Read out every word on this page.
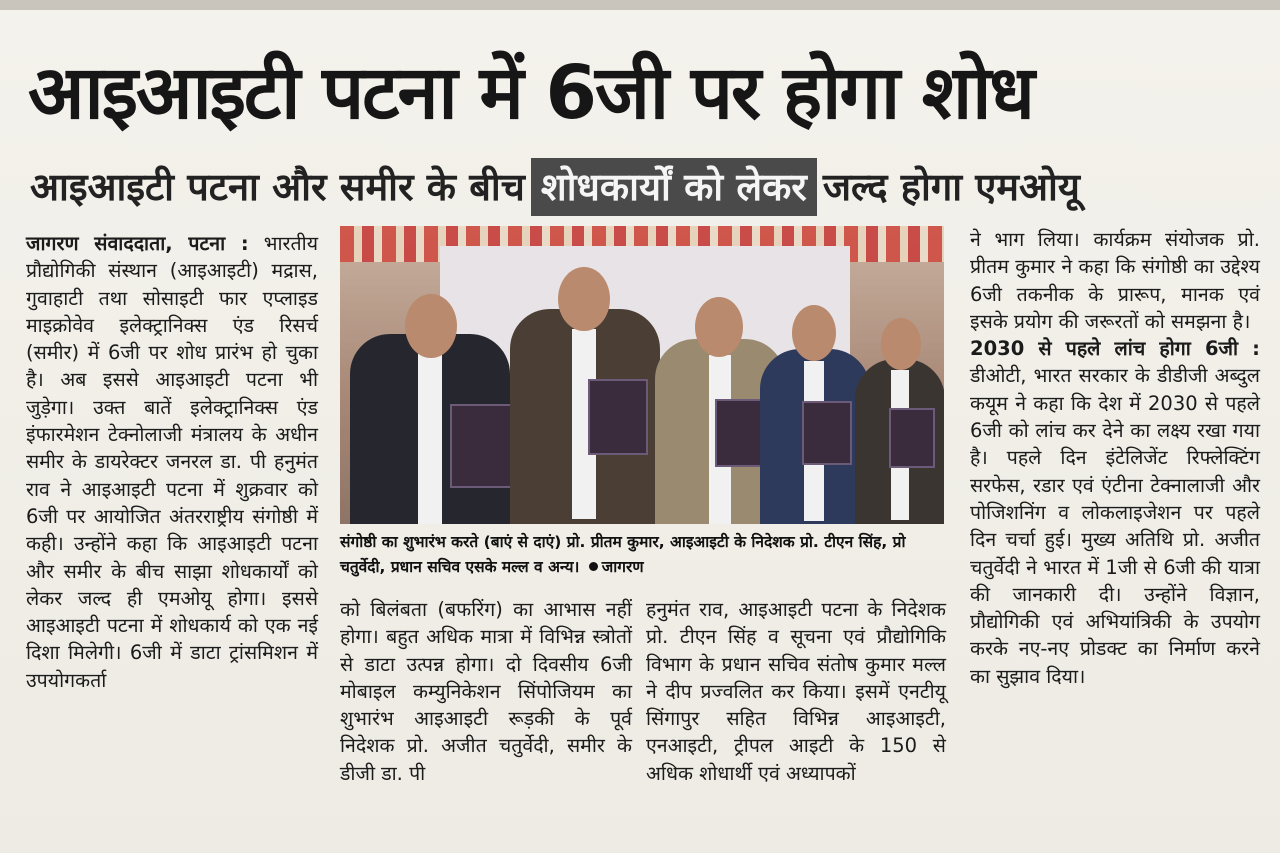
आइआइटी पटना में 6जी पर होगा शोध
आइआइटी पटना और समीर के बीच शोधकार्यों को लेकर जल्द होगा एमओयू

जागरण संवाददाता, पटना : भारतीय प्रौद्योगिकी संस्थान (आइआइटी) मद्रास, गुवाहाटी तथा सोसाइटी फार एप्लाइड माइक्रोवेव इलेक्ट्रानिक्स एंड रिसर्च (समीर) में 6जी पर शोध प्रारंभ हो चुका है। अब इससे आइआइटी पटना भी जुड़ेगा। उक्त बातें इलेक्ट्रानिक्स एंड इंफारमेशन टेक्नोलाजी मंत्रालय के अधीन समीर के डायरेक्टर जनरल डा. पी हनुमंत राव ने आइआइटी पटना में शुक्रवार को 6जी पर आयोजित अंतरराष्ट्रीय संगोष्ठी में कही। उन्होंने कहा कि आइआइटी पटना और समीर के बीच साझा शोधकार्यों को लेकर जल्द ही एमओयू होगा। इससे आइआइटी पटना में शोधकार्य को एक नई दिशा मिलेगी। 6जी में डाटा ट्रांसमिशन में उपयोगकर्ता

संगोष्ठी का शुभारंभ करते (बाएं से दाएं) प्रो. प्रीतम कुमार, आइआइटी के निदेशक प्रो. टीएन सिंह, प्रो चतुर्वेदी, प्रधान सचिव एसके मल्ल व अन्य। जागरण

को बिलंबता (बफरिंग) का आभास नहीं होगा। बहुत अधिक मात्रा में विभिन्न स्त्रोतों से डाटा उत्पन्न होगा। दो दिवसीय 6जी मोबाइल कम्युनिकेशन सिंपोजियम का शुभारंभ आइआइटी रूड़की के पूर्व निदेशक प्रो. अजीत चतुर्वेदी, समीर के डीजी डा. पी

हनुमंत राव, आइआइटी पटना के निदेशक प्रो. टीएन सिंह व सूचना एवं प्रौद्योगिकि विभाग के प्रधान सचिव संतोष कुमार मल्ल ने दीप प्रज्वलित कर किया। इसमें एनटीयू सिंगापुर सहित विभिन्न आइआइटी, एनआइटी, ट्रीपल आइटी के 150 से अधिक शोधार्थी एवं अध्यापकों

ने भाग लिया। कार्यक्रम संयोजक प्रो. प्रीतम कुमार ने कहा कि संगोष्ठी का उद्देश्य 6जी तकनीक के प्रारूप, मानक एवं इसके प्रयोग की जरूरतों को समझना है।

2030 से पहले लांच होगा 6जी : डीओटी, भारत सरकार के डीडीजी अब्दुल कयूम ने कहा कि देश में 2030 से पहले 6जी को लांच कर देने का लक्ष्य रखा गया है। पहले दिन इंटेलिजेंट रिफ्लेक्टिंग सरफेस, रडार एवं एंटीना टेक्नालाजी और पोजिशनिंग व लोकलाइजेशन पर पहले दिन चर्चा हुई। मुख्य अतिथि प्रो. अजीत चतुर्वेदी ने भारत में 1जी से 6जी की यात्रा की जानकारी दी। उन्होंने विज्ञान, प्रौद्योगिकी एवं अभियांत्रिकी के उपयोग करके नए-नए प्रोडक्ट का निर्माण करने का सुझाव दिया।
